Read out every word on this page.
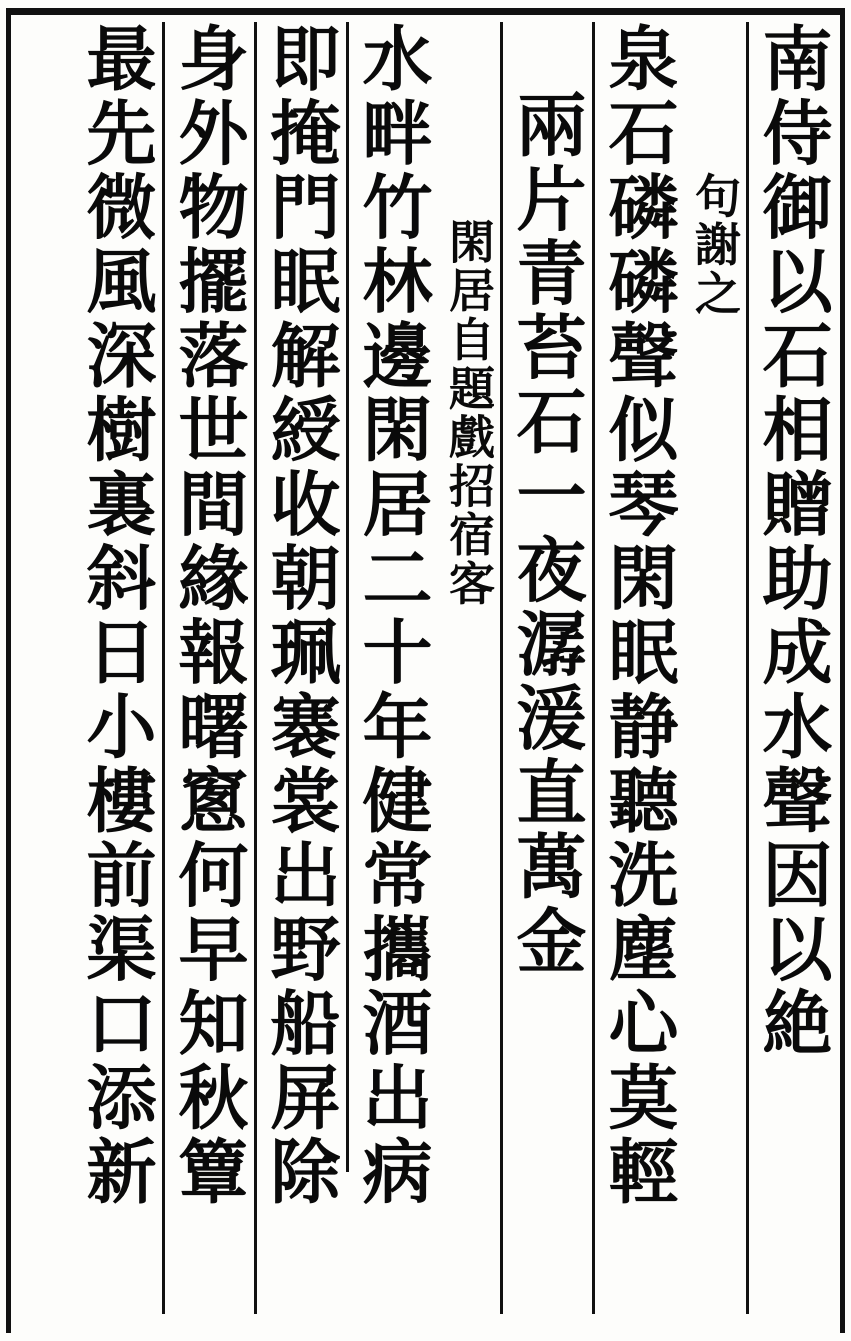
南侍御以石相贈助成水聲因以絶
句謝之
泉石磷磷聲似琴閑眠静聽洗塵心莫輕
兩片青苔石一夜潺湲直萬金
閑居自題戲招宿客
水畔竹林邊閑居二十年健常攜酒出病
即掩門眠解綬收朝珮褰裳出野船屏除
身外物擺落世間緣報曙窻何早知秋簟
最先微風深樹裏斜日小樓前渠口添新
